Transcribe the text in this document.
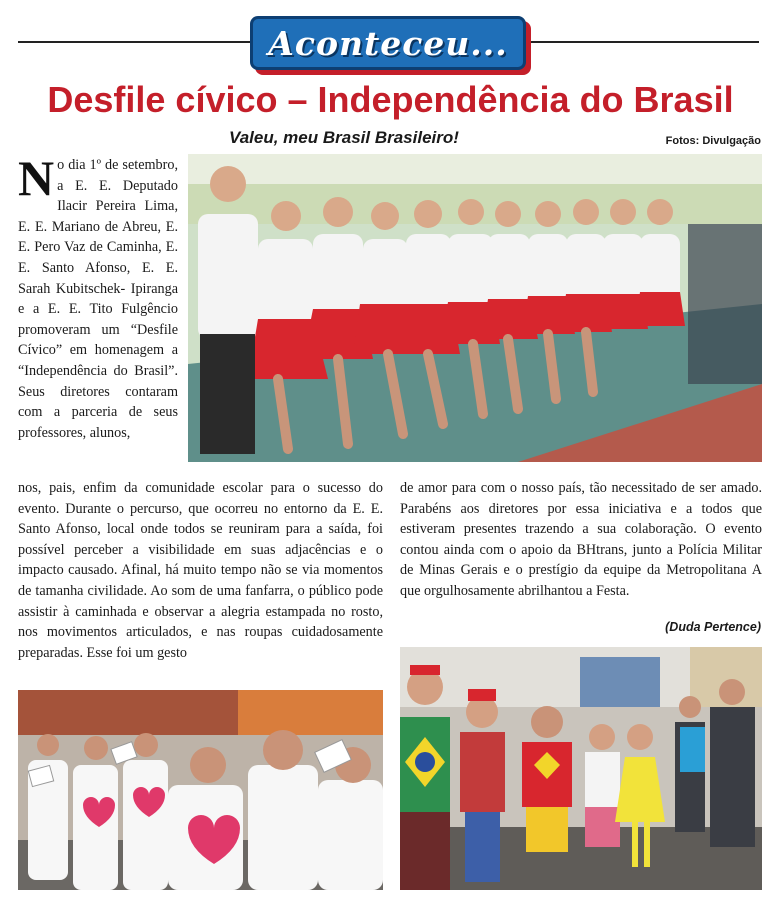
Aconteceu...
Desfile cívico – Independência do Brasil
Valeu, meu Brasil Brasileiro!	Fotos: Divulgação
No dia 1º de setembro, a E. E. Deputado Ilacir Pereira Lima, E. E. Mariano de Abreu, E. E. Pero Vaz de Caminha, E. E. Santo Afonso, E. E. Sarah Kubitschek- Ipiranga e a E. E. Tito Fulgêncio promoveram um “Desfile Cívico” em homenagem a “Independência do Brasil”. Seus diretores contaram com a parceria de seus professores, alunos,
nos, pais, enfim da comunidade escolar para o sucesso do evento. Durante o percurso, que ocorreu no entorno da E. E. Santo Afonso, local onde todos se reuniram para a saída, foi possível perceber a visibilidade em suas adjacências e o impacto causado. Afinal, há muito tempo não se via momentos de tamanha civilidade. Ao som de uma fanfarra, o público pode assistir à caminhada e observar a alegria estampada no rosto, nos movimentos articulados, e nas roupas cuidadosamente preparadas. Esse foi um gesto
de amor para com o nosso país, tão necessitado de ser amado. Parabéns aos diretores por essa iniciativa e a todos que estiveram presentes trazendo a sua colaboração. O evento contou ainda com o apoio da BHtrans, junto a Polícia Militar de Minas Gerais e o prestígio da equipe da Metropolitana A que orgulhosamente abrilhantou a Festa.
(Duda Pertence)
